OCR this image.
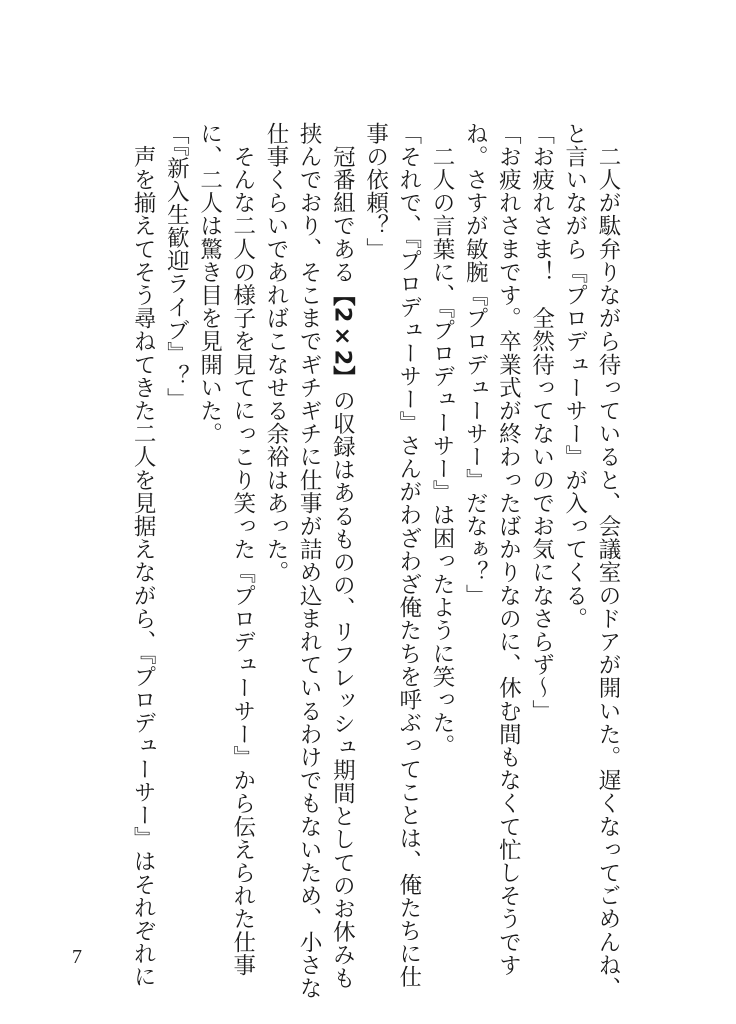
　二人が駄弁りながら待っていると、会議室のドアが開いた。遅くなってごめんね、
と言いながら『プロデューサー』が入ってくる。
「お疲れさま！　全然待ってないのでお気になさらず～」
「お疲れさまです。卒業式が終わったばかりなのに、休む間もなくて忙しそうです
ね。さすが敏腕『プロデューサー』だなぁ？」
　二人の言葉に、『プロデューサー』は困ったように笑った。
「それで、『プロデューサー』さんがわざわざ俺たちを呼ぶってことは、俺たちに仕
事の依頼？」
　冠番組である【2×2】の収録はあるものの、リフレッシュ期間としてのお休みも
挟んでおり、そこまでギチギチに仕事が詰め込まれているわけでもないため、小さな
仕事くらいであればこなせる余裕はあった。
　そんな二人の様子を見てにっこり笑った『プロデューサー』から伝えられた仕事
に、二人は驚き目を見開いた。
「『新入生歓迎ライブ』？」
　声を揃えてそう尋ねてきた二人を見据えながら、『プロデューサー』はそれぞれに
7
